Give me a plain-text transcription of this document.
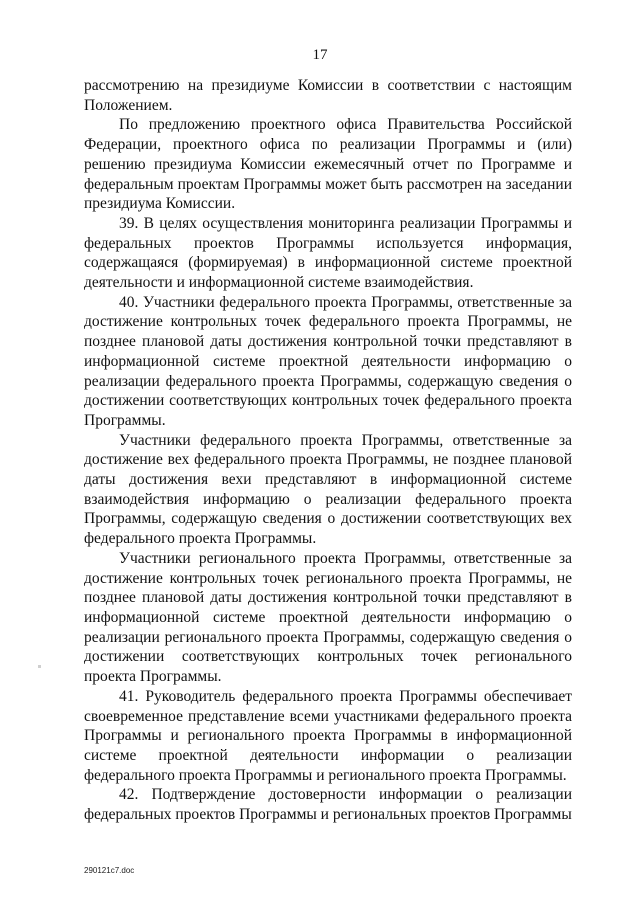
17

рассмотрению на президиуме Комиссии в соответствии с настоящим Положением.

По предложению проектного офиса Правительства Российской Федерации, проектного офиса по реализации Программы и (или) решению президиума Комиссии ежемесячный отчет по Программе и федеральным проектам Программы может быть рассмотрен на заседании президиума Комиссии.

39. В целях осуществления мониторинга реализации Программы и федеральных проектов Программы используется информация, содержащаяся (формируемая) в информационной системе проектной деятельности и информационной системе взаимодействия.

40. Участники федерального проекта Программы, ответственные за достижение контрольных точек федерального проекта Программы, не позднее плановой даты достижения контрольной точки представляют в информационной системе проектной деятельности информацию о реализации федерального проекта Программы, содержащую сведения о достижении соответствующих контрольных точек федерального проекта Программы.

Участники федерального проекта Программы, ответственные за достижение вех федерального проекта Программы, не позднее плановой даты достижения вехи представляют в информационной системе взаимодействия информацию о реализации федерального проекта Программы, содержащую сведения о достижении соответствующих вех федерального проекта Программы.

Участники регионального проекта Программы, ответственные за достижение контрольных точек регионального проекта Программы, не позднее плановой даты достижения контрольной точки представляют в информационной системе проектной деятельности информацию о реализации регионального проекта Программы, содержащую сведения о достижении соответствующих контрольных точек регионального проекта Программы.

41. Руководитель федерального проекта Программы обеспечивает своевременное представление всеми участниками федерального проекта Программы и регионального проекта Программы в информационной системе проектной деятельности информации о реализации федерального проекта Программы и регионального проекта Программы.

42. Подтверждение достоверности информации о реализации федеральных проектов Программы и региональных проектов Программы

290121c7.doc
